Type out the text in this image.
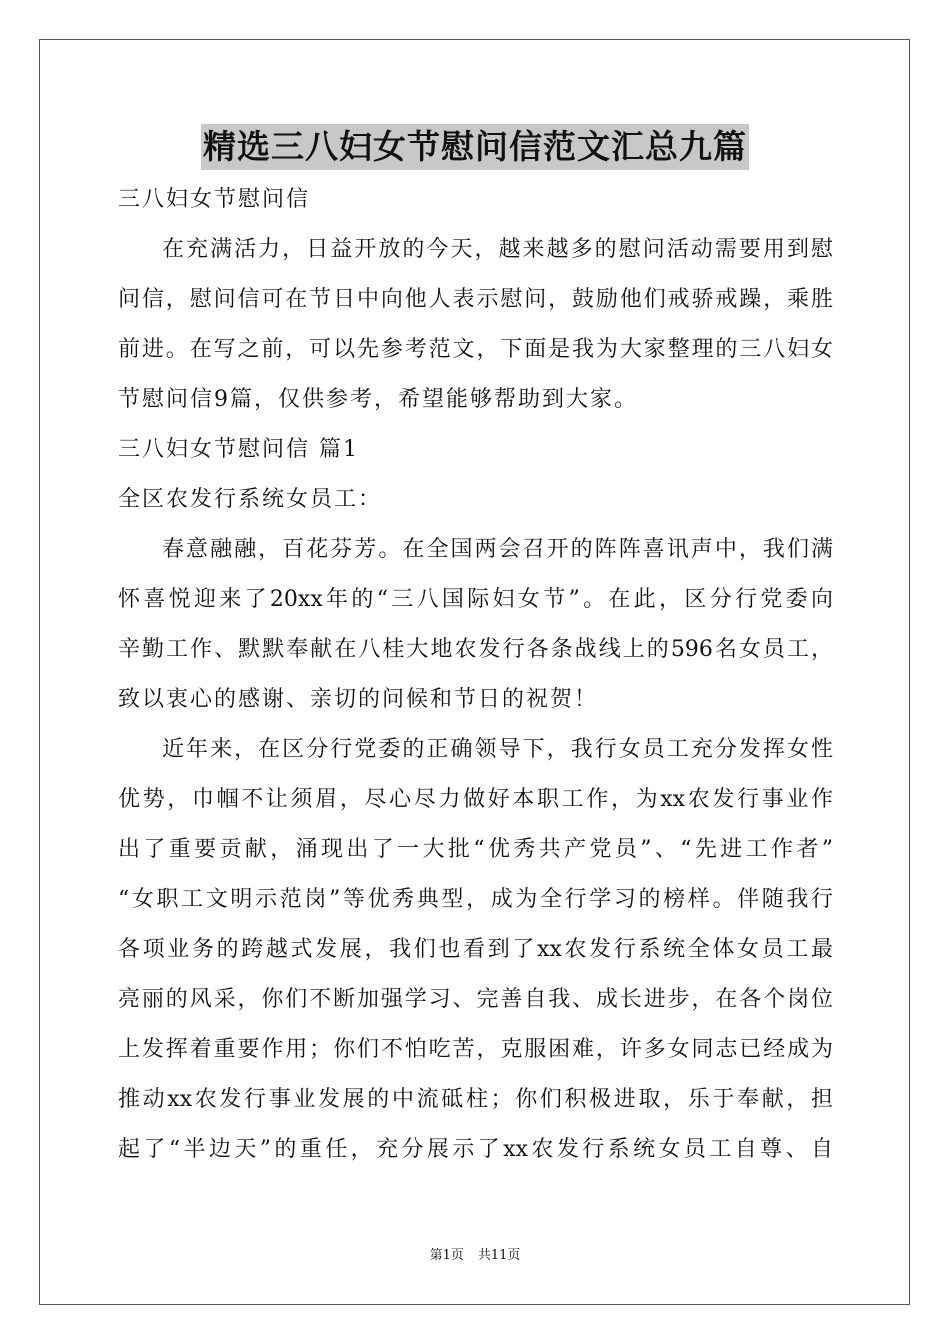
精选三八妇女节慰问信范文汇总九篇
三八妇女节慰问信
在充满活力，日益开放的今天，越来越多的慰问活动需要用到慰
问信，慰问信可在节日中向他人表示慰问，鼓励他们戒骄戒躁，乘胜
前进。在写之前，可以先参考范文，下面是我为大家整理的三八妇女
节慰问信9篇，仅供参考，希望能够帮助到大家。
三八妇女节慰问信 篇1
全区农发行系统女员工：
春意融融，百花芬芳。在全国两会召开的阵阵喜讯声中，我们满
怀喜悦迎来了20xx年的“三八国际妇女节”。在此，区分行党委向
辛勤工作、默默奉献在八桂大地农发行各条战线上的596名女员工，
致以衷心的感谢、亲切的问候和节日的祝贺！
近年来，在区分行党委的正确领导下，我行女员工充分发挥女性
优势，巾帼不让须眉，尽心尽力做好本职工作，为xx农发行事业作
出了重要贡献，涌现出了一大批“优秀共产党员”、“先进工作者”
“女职工文明示范岗”等优秀典型，成为全行学习的榜样。伴随我行
各项业务的跨越式发展，我们也看到了xx农发行系统全体女员工最
亮丽的风采，你们不断加强学习、完善自我、成长进步，在各个岗位
上发挥着重要作用；你们不怕吃苦，克服困难，许多女同志已经成为
推动xx农发行事业发展的中流砥柱；你们积极进取，乐于奉献，担
起了“半边天”的重任，充分展示了xx农发行系统女员工自尊、自
第1页 共11页
